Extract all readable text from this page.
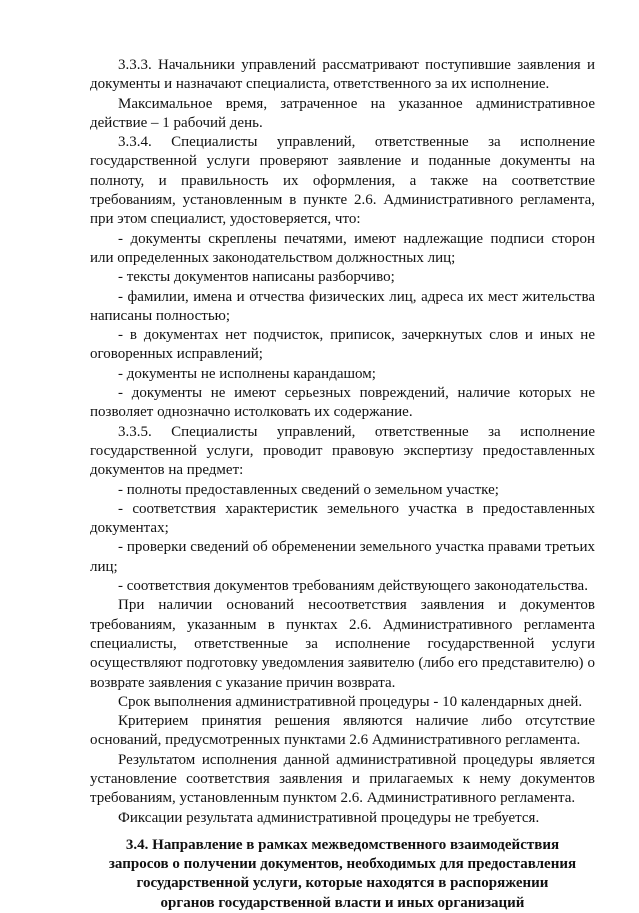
3.3.3. Начальники управлений рассматривают поступившие заявления и документы и назначают специалиста, ответственного за их исполнение.

Максимальное время, затраченное на указанное административное действие – 1 рабочий день.

3.3.4. Специалисты управлений, ответственные за исполнение государственной услуги проверяют заявление и поданные документы на полноту, и правильность их оформления, а также на соответствие требованиям, установленным в пункте 2.6. Административного регламента, при этом специалист, удостоверяется, что:

- документы скреплены печатями, имеют надлежащие подписи сторон или определенных законодательством должностных лиц;

- тексты документов написаны разборчиво;

- фамилии, имена и отчества физических лиц, адреса их мест жительства написаны полностью;

- в документах нет подчисток, приписок, зачеркнутых слов и иных не оговоренных исправлений;

- документы не исполнены карандашом;

- документы не имеют серьезных повреждений, наличие которых не позволяет однозначно истолковать их содержание.

3.3.5. Специалисты управлений, ответственные за исполнение государственной услуги, проводит правовую экспертизу предоставленных документов на предмет:

- полноты предоставленных сведений о земельном участке;

- соответствия характеристик земельного участка в предоставленных документах;

- проверки сведений об обременении земельного участка правами третьих лиц;

- соответствия документов требованиям действующего законодательства.

При наличии оснований несоответствия заявления и документов требованиям, указанным в пунктах 2.6. Административного регламента специалисты, ответственные за исполнение государственной услуги осуществляют подготовку уведомления заявителю (либо его представителю) о возврате заявления с указание причин возврата.

Срок выполнения административной процедуры - 10 календарных дней.

Критерием принятия решения являются наличие либо отсутствие оснований, предусмотренных пунктами 2.6 Административного регламента.

Результатом исполнения данной административной процедуры является установление соответствия заявления и прилагаемых к нему документов требованиям, установленным пунктом 2.6. Административного регламента.

Фиксации результата административной процедуры не требуется.

3.4. Направление в рамках межведомственного взаимодействия запросов о получении документов, необходимых для предоставления государственной услуги, которые находятся в распоряжении органов государственной власти и иных организаций
